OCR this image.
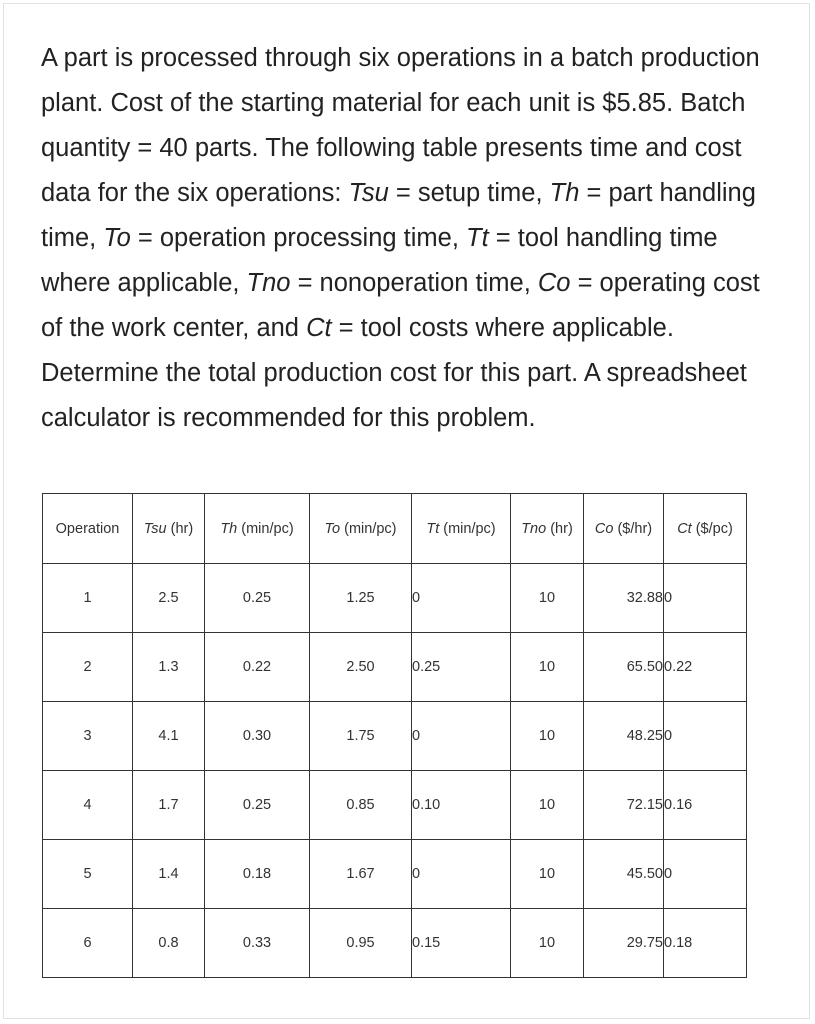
A part is processed through six operations in a batch production plant. Cost of the starting material for each unit is $5.85. Batch quantity = 40 parts. The following table presents time and cost data for the six operations: Tsu = setup time, Th = part handling time, To = operation processing time, Tt = tool handling time where applicable, Tno = nonoperation time, Co = operating cost of the work center, and Ct = tool costs where applicable. Determine the total production cost for this part. A spreadsheet calculator is recommended for this problem.

Operation	Tsu (hr)	Th (min/pc)	To (min/pc)	Tt (min/pc)	Tno (hr)	Co ($/hr)	Ct ($/pc)
1	2.5	0.25	1.25	0	10	32.88	0
2	1.3	0.22	2.50	0.25	10	65.50	0.22
3	4.1	0.30	1.75	0	10	48.25	0
4	1.7	0.25	0.85	0.10	10	72.15	0.16
5	1.4	0.18	1.67	0	10	45.50	0
6	0.8	0.33	0.95	0.15	10	29.75	0.18
